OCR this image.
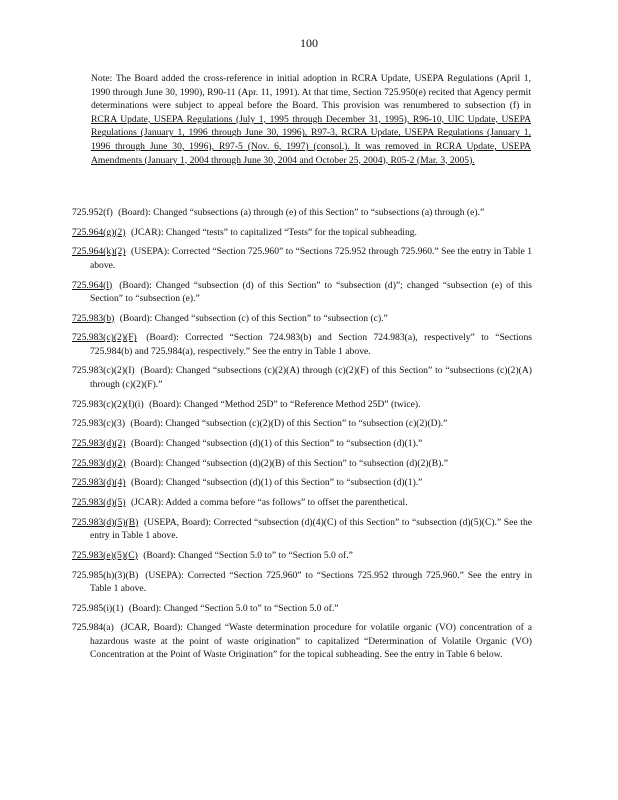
100
Note: The Board added the cross-reference in initial adoption in RCRA Update, USEPA Regulations (April 1, 1990 through June 30, 1990), R90-11 (Apr. 11, 1991). At that time, Section 725.950(e) recited that Agency permit determinations were subject to appeal before the Board. This provision was renumbered to subsection (f) in RCRA Update, USEPA Regulations (July 1, 1995 through December 31, 1995), R96-10, UIC Update, USEPA Regulations (January 1, 1996 through June 30, 1996), R97-3, RCRA Update, USEPA Regulations (January 1, 1996 through June 30, 1996), R97-5 (Nov. 6, 1997) (consol.). It was removed in RCRA Update, USEPA Amendments (January 1, 2004 through June 30, 2004 and October 25, 2004), R05-2 (Mar. 3, 2005).
725.952(f) (Board): Changed “subsections (a) through (e) of this Section” to “subsections (a) through (e).”
725.964(g)(2) (JCAR): Changed “tests” to capitalized “Tests” for the topical subheading.
725.964(k)(2) (USEPA): Corrected “Section 725.960” to “Sections 725.952 through 725.960.” See the entry in Table 1 above.
725.964(l) (Board): Changed “subsection (d) of this Section” to “subsection (d)”; changed “subsection (e) of this Section” to “subsection (e).”
725.983(b) (Board): Changed “subsection (c) of this Section” to “subsection (c).”
725.983(c)(2)(F) (Board): Corrected “Section 724.983(b) and Section 724.983(a), respectively” to “Sections 725.984(b) and 725.984(a), respectively.” See the entry in Table 1 above.
725.983(c)(2)(I) (Board): Changed “subsections (c)(2)(A) through (c)(2)(F) of this Section” to “subsections (c)(2)(A) through (c)(2)(F).”
725.983(c)(2)(I)(i) (Board): Changed “Method 25D” to “Reference Method 25D” (twice).
725.983(c)(3) (Board): Changed “subsection (c)(2)(D) of this Section” to “subsection (c)(2)(D).”
725.983(d)(2) (Board): Changed “subsection (d)(1) of this Section” to “subsection (d)(1).”
725.983(d)(2) (Board): Changed “subsection (d)(2)(B) of this Section” to “subsection (d)(2)(B).”
725.983(d)(4) (Board): Changed “subsection (d)(1) of this Section” to “subsection (d)(1).”
725.983(d)(5) (JCAR): Added a comma before “as follows” to offset the parenthetical.
725.983(d)(5)(B) (USEPA, Board): Corrected “subsection (d)(4)(C) of this Section” to “subsection (d)(5)(C).” See the entry in Table 1 above.
725.983(e)(5)(C) (Board): Changed “Section 5.0 to” to “Section 5.0 of.”
725.985(h)(3)(B) (USEPA): Corrected “Section 725.960” to “Sections 725.952 through 725.960.” See the entry in Table 1 above.
725.985(i)(1) (Board): Changed “Section 5.0 to” to “Section 5.0 of.”
725.984(a) (JCAR, Board): Changed “Waste determination procedure for volatile organic (VO) concentration of a hazardous waste at the point of waste origination” to capitalized “Determination of Volatile Organic (VO) Concentration at the Point of Waste Origination” for the topical subheading. See the entry in Table 6 below.
